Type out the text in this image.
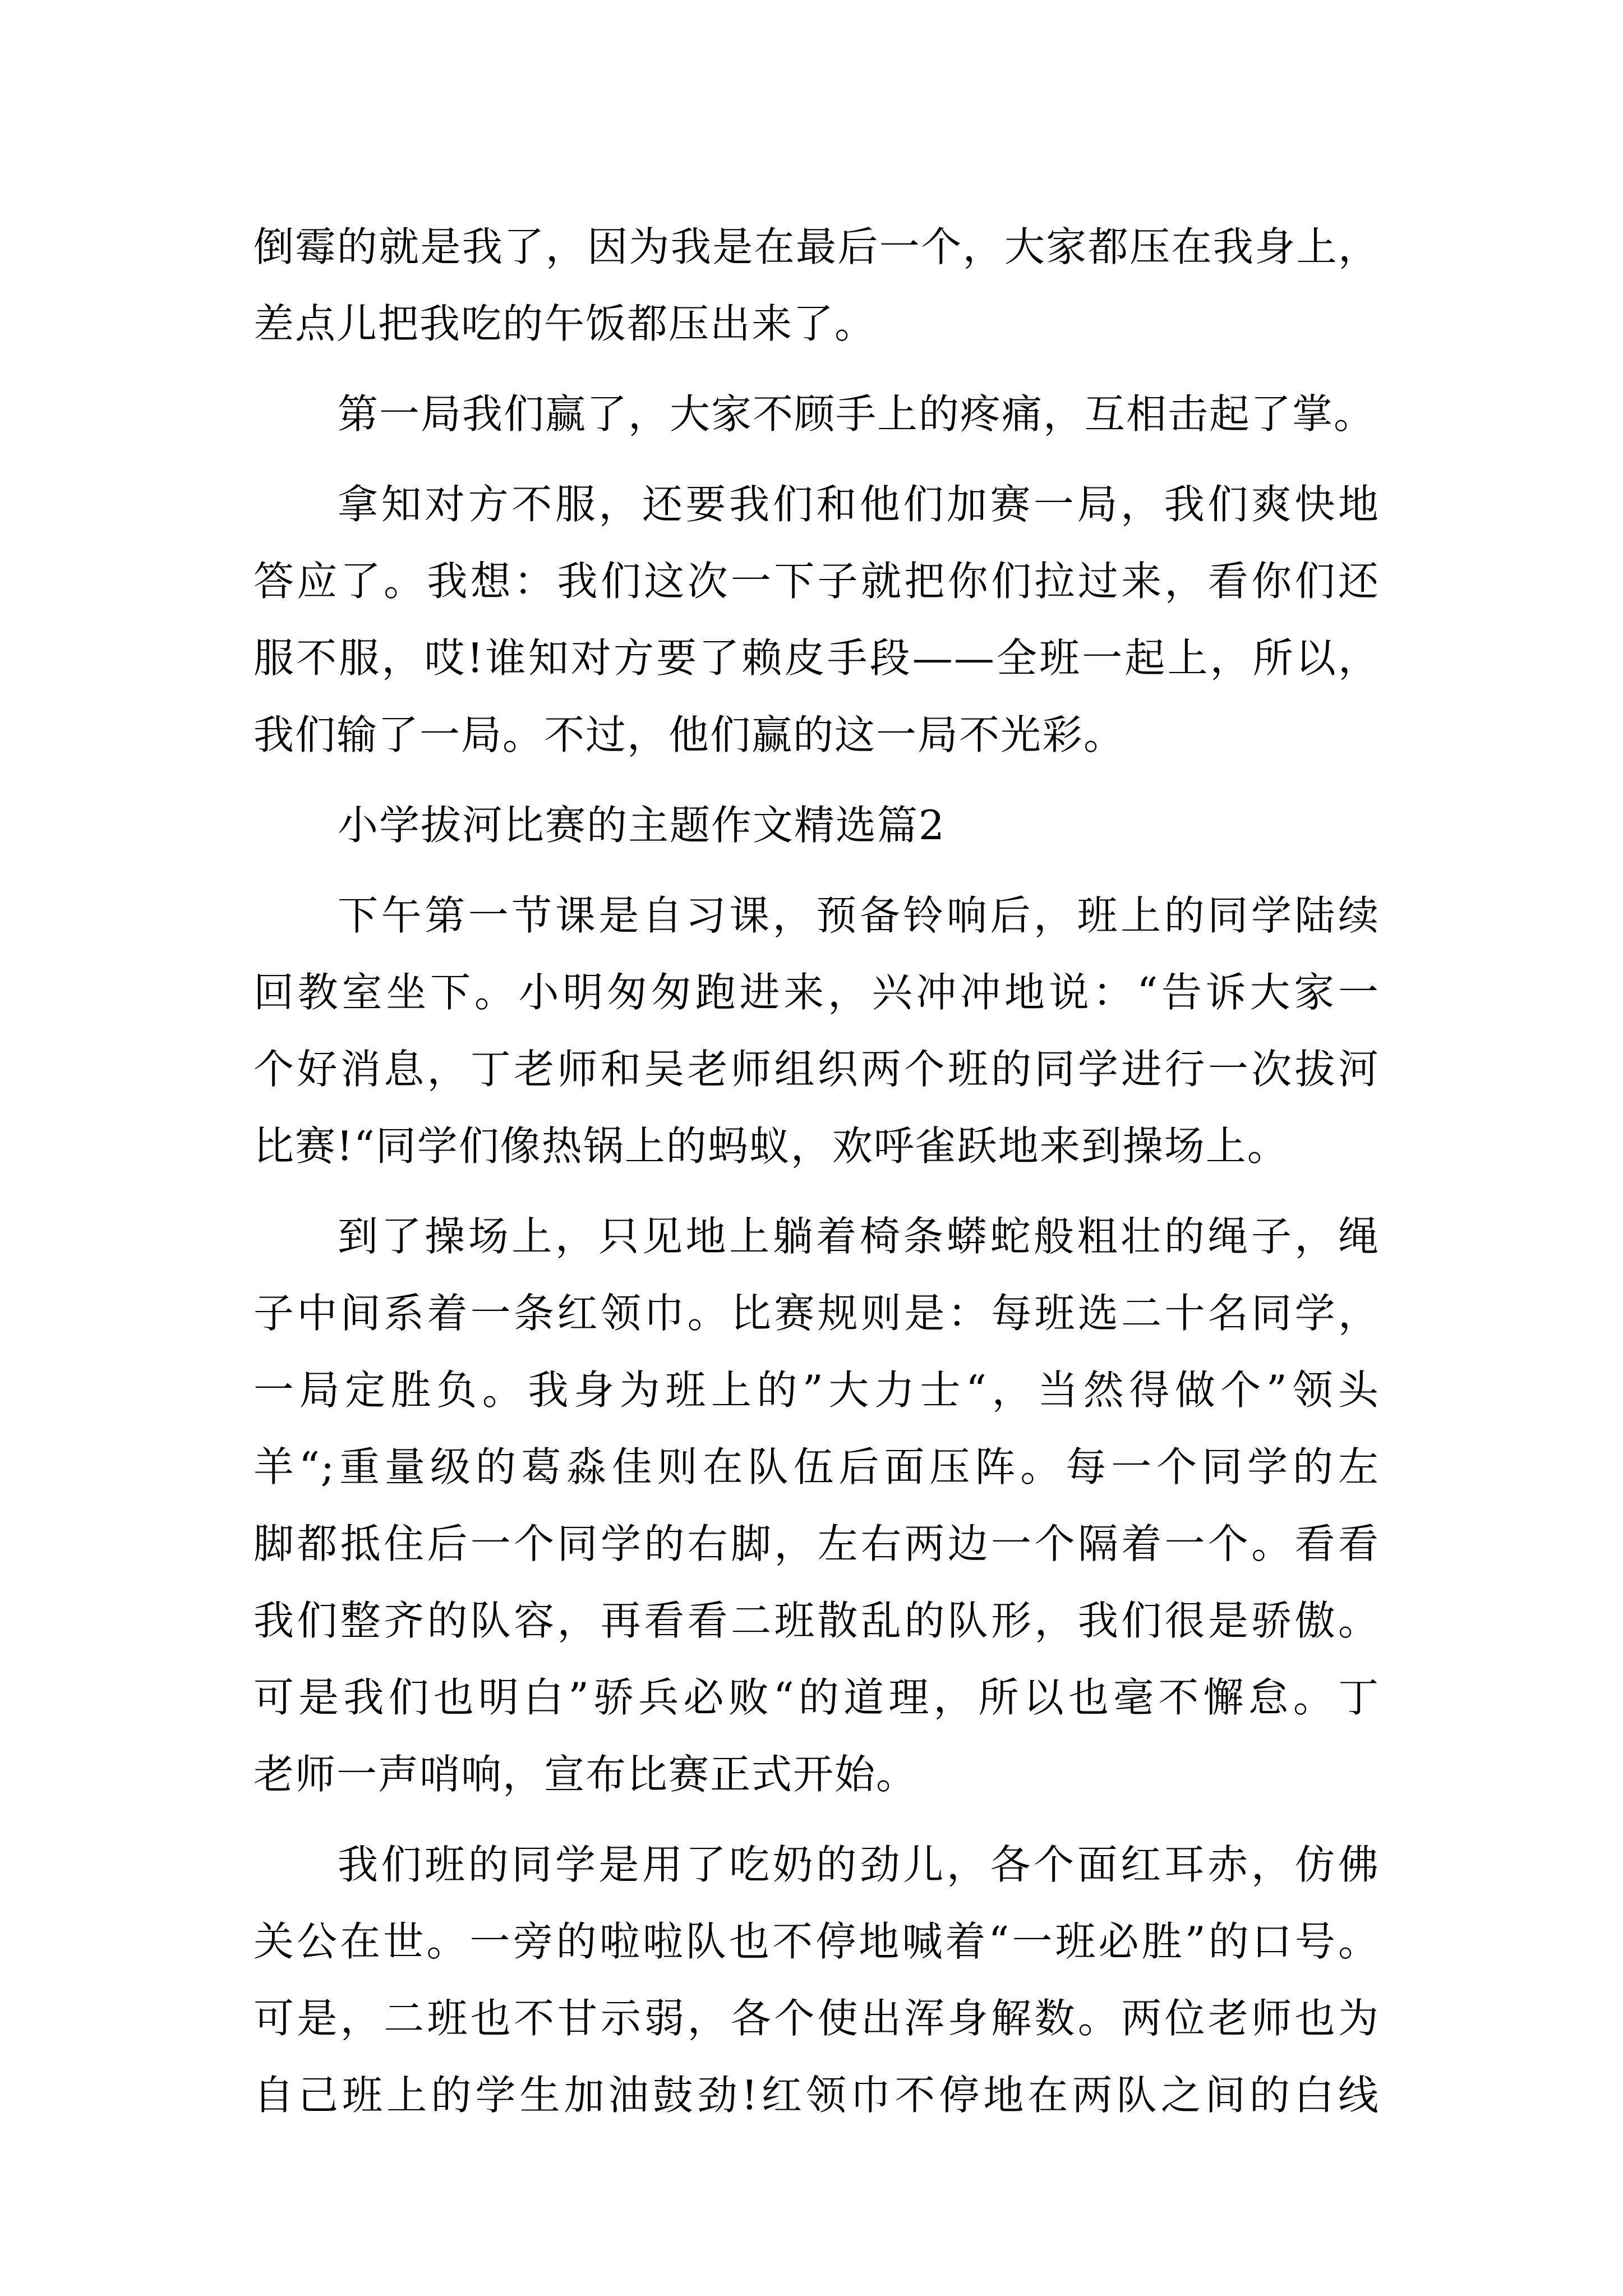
倒霉的就是我了，因为我是在最后一个，大家都压在我身上，

差点儿把我吃的午饭都压出来了。

第一局我们赢了，大家不顾手上的疼痛，互相击起了掌。

拿知对方不服，还要我们和他们加赛一局，我们爽快地

答应了。我想：我们这次一下子就把你们拉过来，看你们还

服不服，哎!谁知对方要了赖皮手段——全班一起上，所以，

我们输了一局。不过，他们赢的这一局不光彩。

小学拔河比赛的主题作文精选篇2

下午第一节课是自习课，预备铃响后，班上的同学陆续

回教室坐下。小明匆匆跑进来，兴冲冲地说：“告诉大家一

个好消息，丁老师和吴老师组织两个班的同学进行一次拔河

比赛!“同学们像热锅上的蚂蚁，欢呼雀跃地来到操场上。

到了操场上，只见地上躺着椅条蟒蛇般粗壮的绳子，绳

子中间系着一条红领巾。比赛规则是：每班选二十名同学，

一局定胜负。我身为班上的”大力士“，当然得做个”领头

羊“;重量级的葛淼佳则在队伍后面压阵。每一个同学的左

脚都抵住后一个同学的右脚，左右两边一个隔着一个。看看

我们整齐的队容，再看看二班散乱的队形，我们很是骄傲。

可是我们也明白”骄兵必败“的道理，所以也毫不懈怠。丁

老师一声哨响，宣布比赛正式开始。

我们班的同学是用了吃奶的劲儿，各个面红耳赤，仿佛

关公在世。一旁的啦啦队也不停地喊着“一班必胜”的口号。

可是，二班也不甘示弱，各个使出浑身解数。两位老师也为

自己班上的学生加油鼓劲!红领巾不停地在两队之间的白线
